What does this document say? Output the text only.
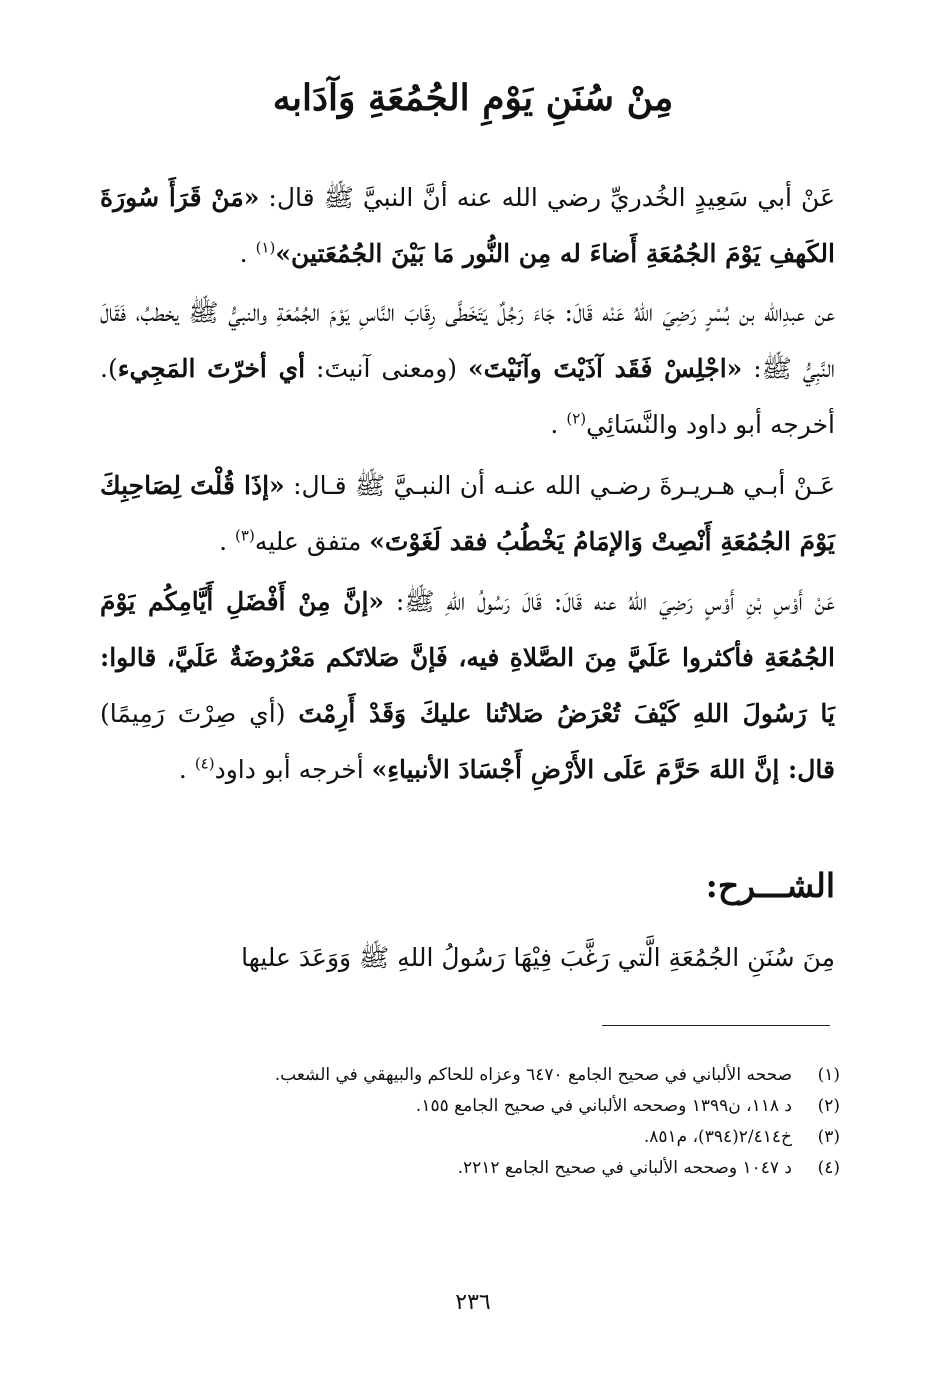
مِنْ سُنَنِ يَوْمِ الجُمُعَةِ وَآدَابه

عَنْ أبي سَعِيدٍ الخُدريِّ رضي الله عنه أنَّ النبيَّ ﷺ قال: «مَنْ قَرَأَ سُورَةَ الكَهفِ يَوْمَ الجُمُعَةِ أَضاءَ له مِن النُّور مَا بَيْنَ الجُمُعَتين»$^{(١)}$ .

عن عبدِالله بن بُسْرٍ رَضِيَ اللهُ عَنْه قَالَ: جَاءَ رَجُلٌ يَتَخَطَّى رِقَابَ النَّاسِ يَوْمَ الجُمُعَةِ والنبيُّ ﷺ يخطبُ، فَقَالَ النَّبِيُّ ﷺ: «اجْلِسْ فَقَد آذَيْتَ وآنَيْتَ» (ومعنى آنيتَ: أي أخرّتَ المَجِيء). أخرجه أبو داود والنَّسَائِي$^{(٢)}$ .

عَـنْ أبـي هـريـرةَ رضـي الله عنـه أن النبـيَّ ﷺ قـال: «إذَا قُلْتَ لِصَاحِبِكَ يَوْمَ الجُمُعَةِ أَنْصِتْ وَالإمَامُ يَخْطُبُ فقد لَغَوْتَ» متفق عليه$^{(٣)}$ .

عَنْ أَوْسِ بْنِ أَوْسٍ رَضِيَ اللهُ عنه قَالَ: قَالَ رَسُولُ اللهِ ﷺ: «إنَّ مِنْ أَفْضَلِ أَيَّامِكُم يَوْمَ الجُمُعَةِ فأكثروا عَلَيَّ مِنَ الصَّلاةِ فيه، فَإنَّ صَلاتَكم مَعْرُوضَةٌ عَلَيَّ، قالوا: يَا رَسُولَ اللهِ كَيْفَ تُعْرَضُ صَلاتُنا عليكَ وَقَدْ أَرِمْتَ (أي صِرْتَ رَمِيمًا) قال: إنَّ اللهَ حَرَّمَ عَلَى الأَرْضِ أَجْسَادَ الأنبياءِ» أخرجه أبو داود$^{(٤)}$ .

الشـــرح:

مِنَ سُنَنِ الجُمُعَةِ الَّتي رَغَّبَ فِيْهَا رَسُولُ اللهِ ﷺ وَوَعَدَ عليها

(١)
صححه الألباني في صحيح الجامع ٦٤٧٠ وعزاه للحاكم والبيهقي في الشعب.
(٢)
د ١١٨، ن١٣٩٩ وصححه الألباني في صحيح الجامع ١٥٥.
(٣)
خ٢/٤١٤(٣٩٤)، م٨٥١.
(٤)
د ١٠٤٧ وصححه الألباني في صحيح الجامع ٢٢١٢.
٢٣٦
